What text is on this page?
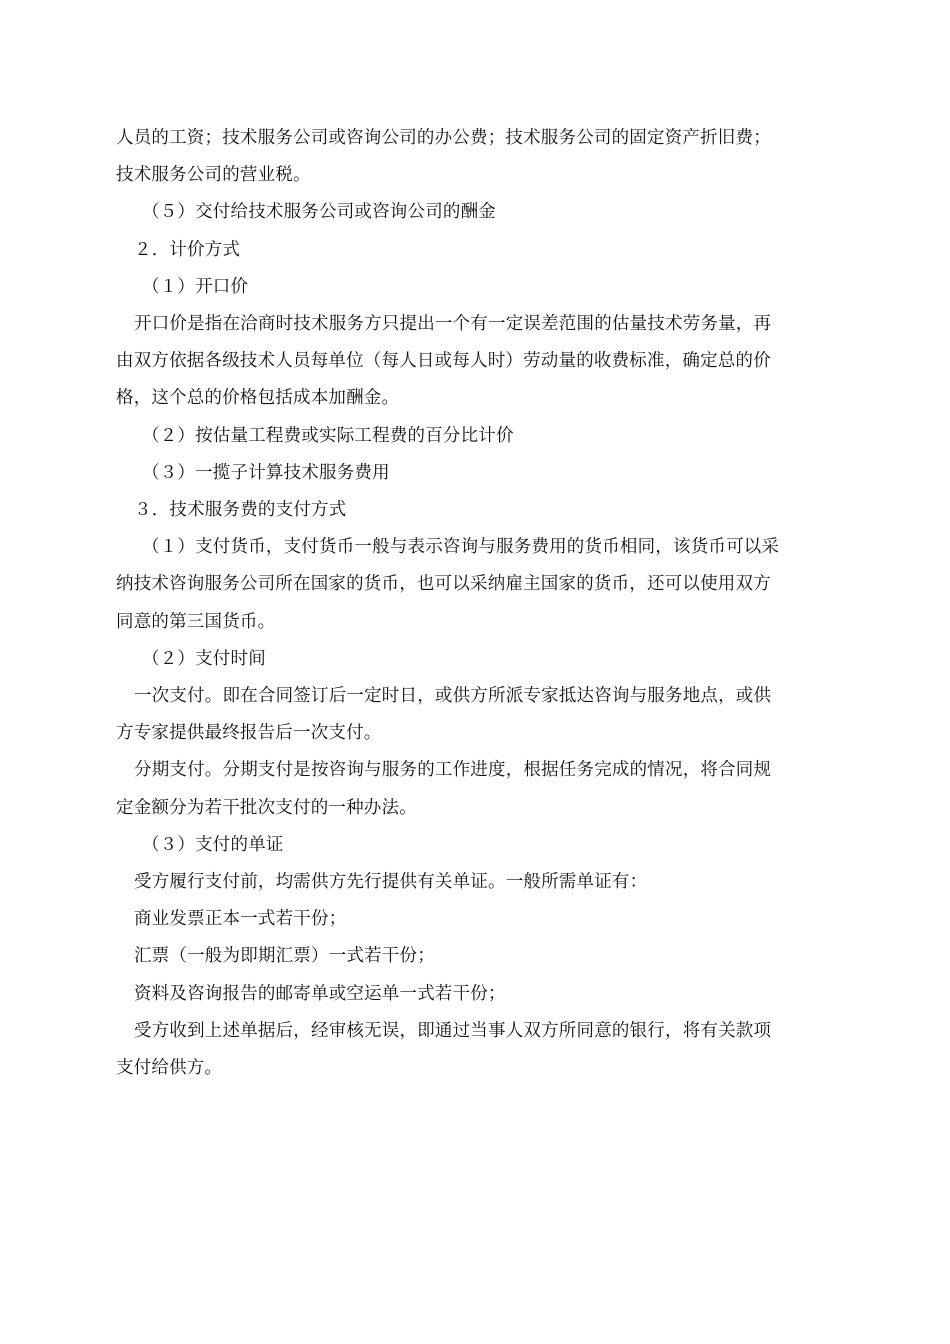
人员的工资；技术服务公司或咨询公司的办公费；技术服务公司的固定资产折旧费；
技术服务公司的营业税。

（５）交付给技术服务公司或咨询公司的酬金

２．计价方式

（１）开口价

开口价是指在洽商时技术服务方只提出一个有一定误差范围的估量技术劳务量，再
由双方依据各级技术人员每单位（每人日或每人时）劳动量的收费标准，确定总的价
格，这个总的价格包括成本加酬金。

（２）按估量工程费或实际工程费的百分比计价

（３）一揽子计算技术服务费用

３．技术服务费的支付方式

（１）支付货币，支付货币一般与表示咨询与服务费用的货币相同，该货币可以采
纳技术咨询服务公司所在国家的货币，也可以采纳雇主国家的货币，还可以使用双方
同意的第三国货币。

（２）支付时间

一次支付。即在合同签订后一定时日，或供方所派专家抵达咨询与服务地点，或供
方专家提供最终报告后一次支付。

分期支付。分期支付是按咨询与服务的工作进度，根据任务完成的情况，将合同规
定金额分为若干批次支付的一种办法。

（３）支付的单证

受方履行支付前，均需供方先行提供有关单证。一般所需单证有：

商业发票正本一式若干份；

汇票（一般为即期汇票）一式若干份；

资料及咨询报告的邮寄单或空运单一式若干份；

受方收到上述单据后，经审核无误，即通过当事人双方所同意的银行，将有关款项
支付给供方。
